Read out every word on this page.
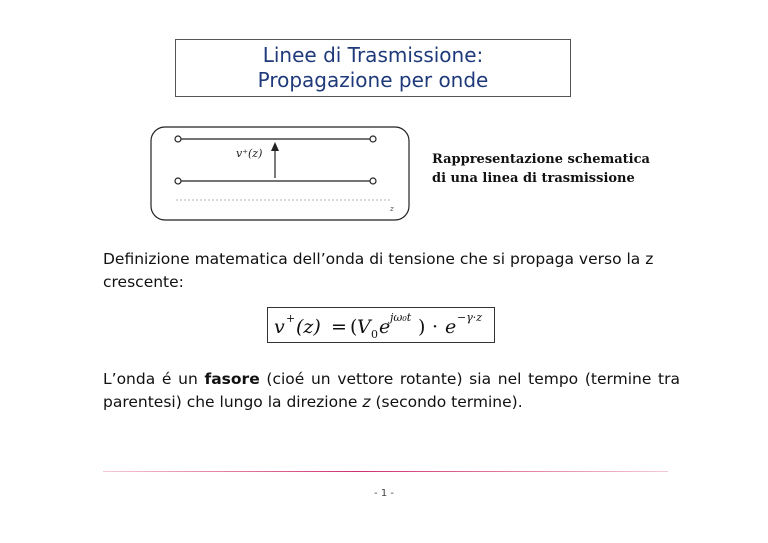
Linee di Trasmissione:
Propagazione per onde
v⁺(z)
z
Rappresentazione schematica
di una linea di trasmissione
Definizione matematica dell’onda di tensione che si propaga verso la z crescente:
v + (z) = ( V 0 e jω₀t ) · e −γ·z
L’onda é un fasore (cioé un vettore rotante) sia nel tempo (termine tra parentesi) che lungo la direzione z (secondo termine).
- 1 -
